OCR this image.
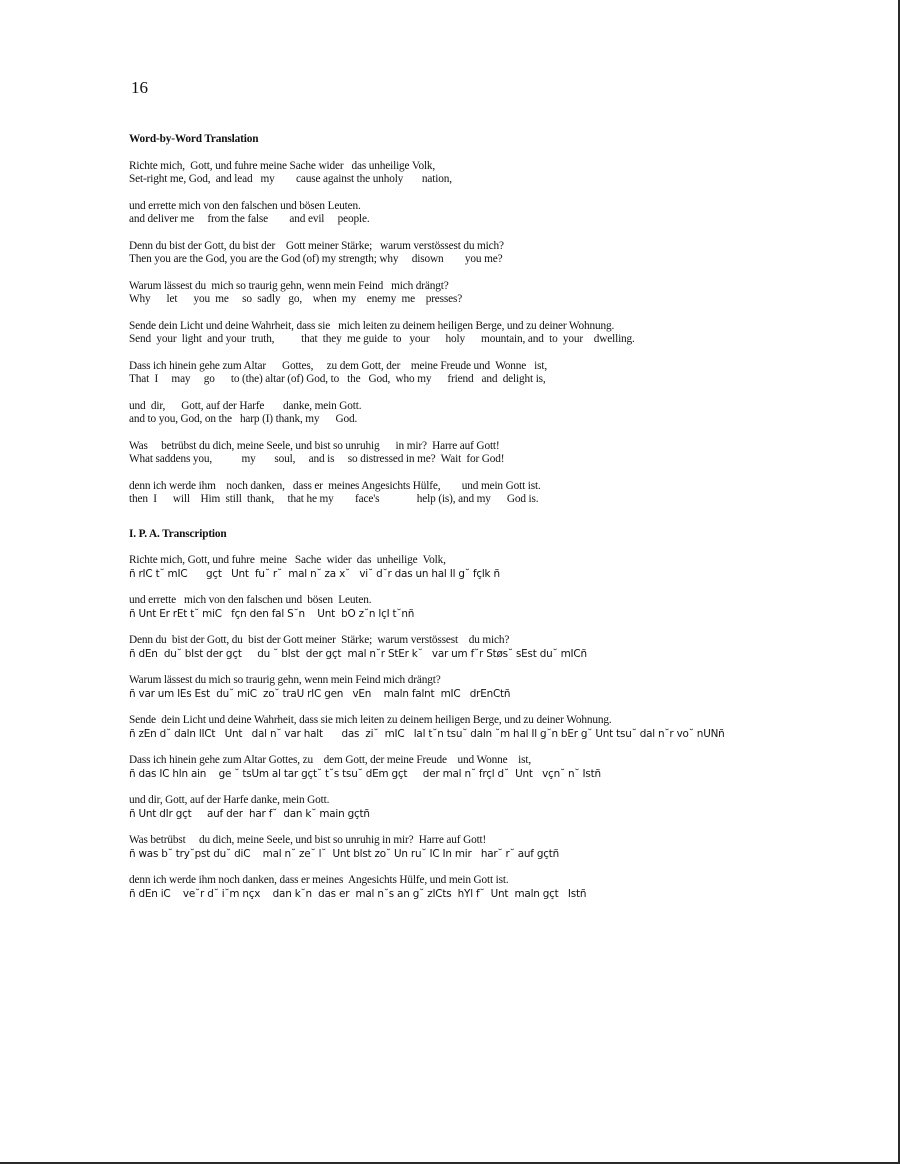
16
Word-by-Word Translation
Richte mich,  Gott, und fuhre meine Sache wider   das unheilige Volk,
Set-right me, God,  and lead   my        cause against the unholy       nation,
und errette mich von den falschen und bösen Leuten.
and deliver me     from the false        and evil     people.
Denn du bist der Gott, du bist der    Gott meiner Stärke;   warum verstössest du mich?
Then you are the God, you are the God (of) my strength; why     disown        you me?
Warum lässest du  mich so traurig gehn, wenn mein Feind   mich drängt?
Why      let      you  me     so  sadly   go,    when  my    enemy  me    presses?
Sende dein Licht und deine Wahrheit, dass sie   mich leiten zu deinem heiligen Berge, und zu deiner Wohnung.
Send  your  light  and your  truth,          that  they  me guide  to   your      holy      mountain, and  to  your    dwelling.
Dass ich hinein gehe zum Altar      Gottes,     zu dem Gott, der    meine Freude und  Wonne   ist,
That  I     may     go      to (the) altar (of) God, to   the   God,  who my      friend   and  delight is,
und  dir,      Gott, auf der Harfe       danke, mein Gott.
and to you, God, on the   harp (I) thank, my      God.
Was     betrübst du dich, meine Seele, und bist so unruhig      in mir?  Harre auf Gott!
What saddens you,           my       soul,     and is     so distressed in me?  Wait  for God!
denn ich werde ihm    noch danken,   dass er  meines Angesichts Hülfe,        und mein Gott ist.
then  I      will    Him  still  thank,     that he my        face's              help (is), and my      God is.
I. P. A. Transcription
Richte mich, Gott, und fuhre  meine   Sache  wider  das  unheilige  Volk,
ñ rIC t˘ mIC      gçt   Unt  fu˘ r˘  mal n˘ za x˘   vi˘ d˘r das un hal Il g˘ fçlk ñ
und errette   mich von den falschen und  bösen  Leuten.
ñ Unt Er rEt t˘ miC   fçn den fal S˘n    Unt  bO z˘n lçI t˘nñ
Denn du  bist der Gott, du  bist der Gott meiner  Stärke;  warum verstössest    du mich?
ñ dEn  du˘ bIst der gçt     du ˘ bIst  der gçt  mal n˘r StEr k˘   var um f˘r Støs˘ sEst du˘ mICñ
Warum lässest du mich so traurig gehn, wenn mein Feind mich drängt?
ñ var um lEs Est  du˘ miC  zo˘ traU rIC gen   vEn    maln falnt  mIC   drEnCtñ
Sende  dein Licht und deine Wahrheit, dass sie mich leiten zu deinem heiligen Berge, und zu deiner Wohnung.
ñ zEn d˘ daln lICt   Unt   dal n˘ var halt      das  zi˘  mIC   lal t˘n tsu˘ daln ˘m hal Il g˘n bEr g˘ Unt tsu˘ dal n˘r vo˘ nUNñ
Dass ich hinein gehe zum Altar Gottes, zu    dem Gott, der meine Freude    und Wonne    ist,
ñ das IC hln ain    ge ˘ tsUm al tar gçt˘ t˘s tsu˘ dEm gçt     der mal n˘ frçl d˘  Unt   vçn˘ n˘ Istñ
und dir, Gott, auf der Harfe danke, mein Gott.
ñ Unt dIr gçt     auf der  har f˘  dan k˘ main gçtñ
Was betrübst     du dich, meine Seele, und bist so unruhig in mir?  Harre auf Gott!
ñ was b˘ try˘pst du˘ diC    mal n˘ ze˘ l˘  Unt blst zo˘ Un ru˘ IC In mir   har˘ r˘ auf gçtñ
denn ich werde ihm noch danken, dass er meines  Angesichts Hülfe, und mein Gott ist.
ñ dEn iC    ve˘r d˘ i˘m nçx    dan k˘n  das er  mal n˘s an g˘ zICts  hYl f˘  Unt  maln gçt   Istñ
